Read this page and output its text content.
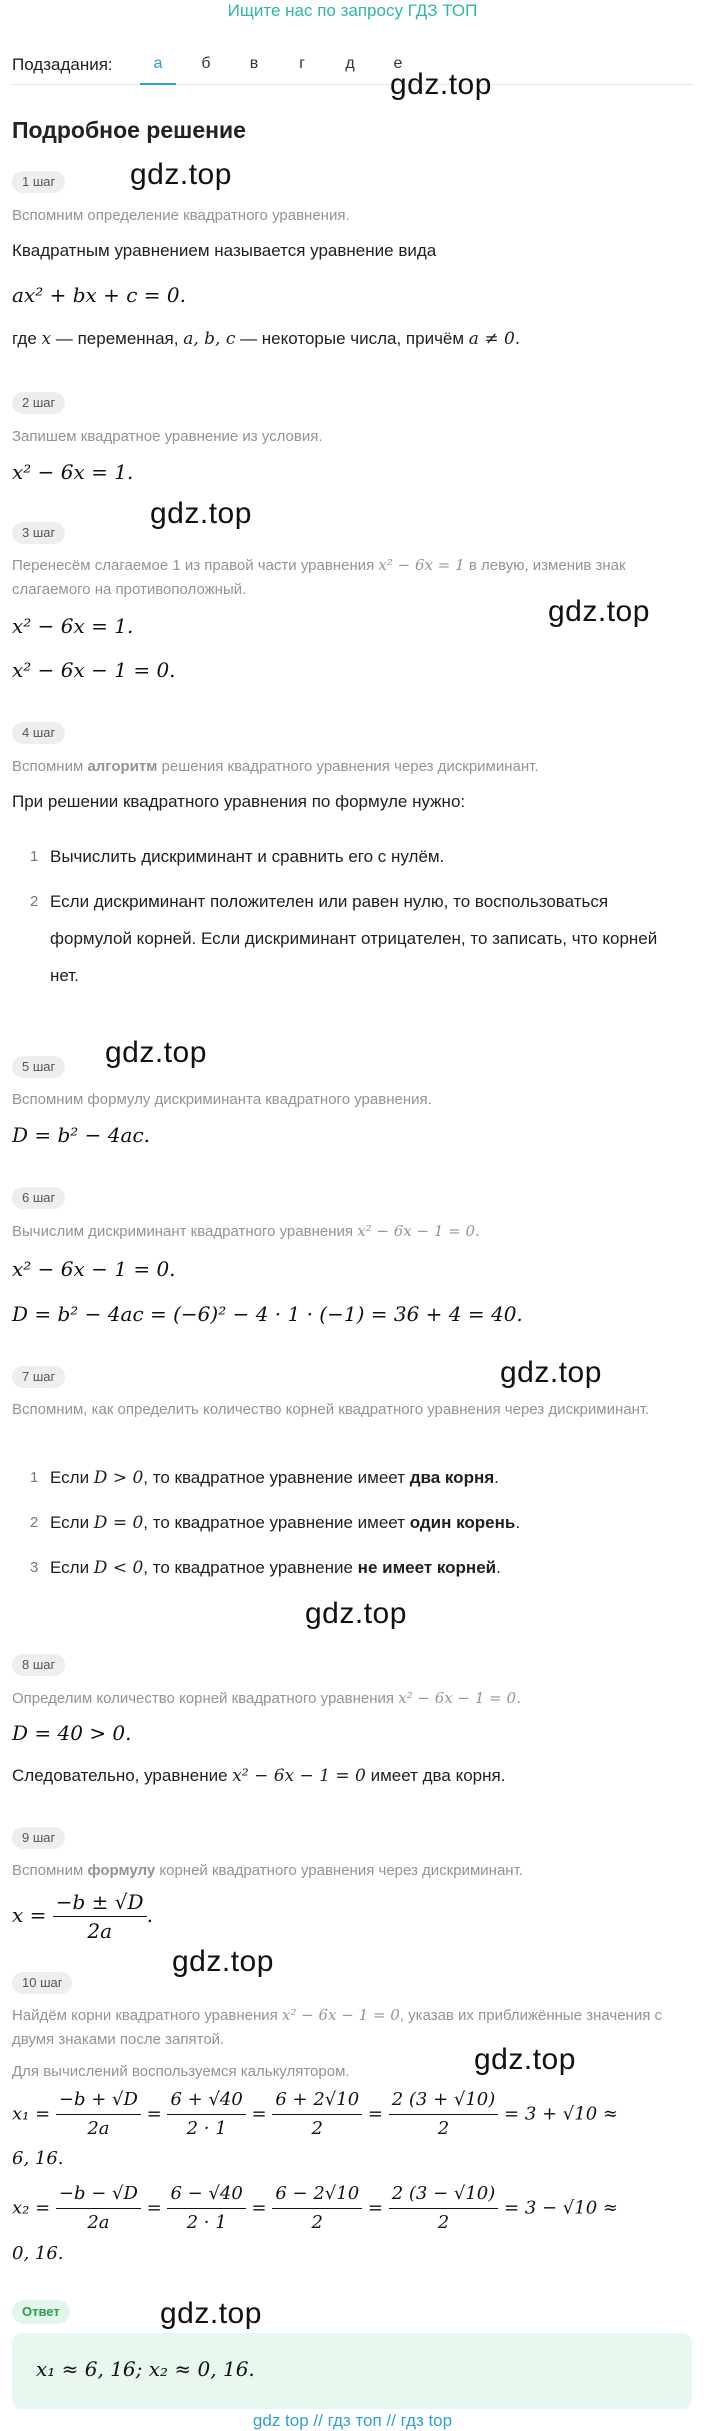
Ищите нас по запросу ГДЗ ТОП
Подзадания:	а	б	в	г	д	е
gdz.top
gdz.top
gdz.top
gdz.top
gdz.top
gdz.top
gdz.top
gdz.top
gdz.top
gdz.top
Подробное решение
1 шаг
Вспомним определение квадратного уравнения.
Квадратным уравнением называется уравнение вида
ax² + bx + c = 0.
где x — переменная, a, b, c — некоторые числа, причём a ≠ 0.
2 шаг
Запишем квадратное уравнение из условия.
x² − 6x = 1.
3 шаг
Перенесём слагаемое 1 из правой части уравнения x² − 6x = 1 в левую, изменив знак слагаемого на противоположный.
x² − 6x = 1.
x² − 6x − 1 = 0.
4 шаг
Вспомним алгоритм решения квадратного уравнения через дискриминант.
При решении квадратного уравнения по формуле нужно:
1 Вычислить дискриминант и сравнить его с нулём.
2 Если дискриминант положителен или равен нулю, то воспользоваться формулой корней. Если дискриминант отрицателен, то записать, что корней нет.
5 шаг
Вспомним формулу дискриминанта квадратного уравнения.
D = b² − 4ac.
6 шаг
Вычислим дискриминант квадратного уравнения x² − 6x − 1 = 0.
x² − 6x − 1 = 0.
D = b² − 4ac = (−6)² − 4 · 1 · (−1) = 36 + 4 = 40.
7 шаг
Вспомним, как определить количество корней квадратного уравнения через дискриминант.
1 Если D > 0, то квадратное уравнение имеет два корня.
2 Если D = 0, то квадратное уравнение имеет один корень.
3 Если D < 0, то квадратное уравнение не имеет корней.
8 шаг
Определим количество корней квадратного уравнения x² − 6x − 1 = 0.
D = 40 > 0.
Следовательно, уравнение x² − 6x − 1 = 0 имеет два корня.
9 шаг
Вспомним формулу корней квадратного уравнения через дискриминант.
$x = \frac{-b \pm √D}{2a}$ .
10 шаг
Найдём корни квадратного уравнения x² − 6x − 1 = 0, указав их приближённые значения с двумя знаками после запятой.
Для вычислений воспользуемся калькулятором.
$x_1 = \frac{-b + √D}{2a} = \frac{6 + √40}{2 \cdot 1} = \frac{6 + 2√10}{2} = \frac{2 (3 + √10)}{2} = 3 + √10$ ≈
6, 16.
$x_2 = \frac{-b - √D}{2a} = \frac{6 - √40}{2 \cdot 1} = \frac{6 - 2√10}{2} = \frac{2 (3 - √10)}{2} = 3 - √10$ ≈
0, 16.
Ответ
x₁ ≈ 6, 16; x₂ ≈ 0, 16.
gdz top // гдз топ // гдз top
